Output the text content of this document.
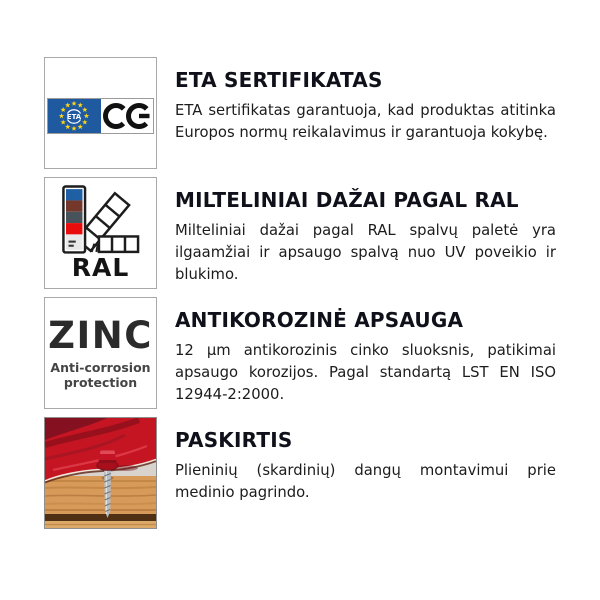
ETA
ETA SERTIFIKATAS

ETA sertifikatas garantuoja, kad produktas atitinka Europos normų reikalavimus ir garantuoja kokybę.

RAL
MILTELINIAI DAŽAI PAGAL RAL

Milteliniai dažai pagal RAL spalvų paletė yra ilgaamžiai ir apsaugo spalvą nuo UV poveikio ir blukimo.

ZINC
Anti-corrosion
protection
ANTIKOROZINĖ APSAUGA

12 µm antikorozinis cinko sluoksnis, patikimai apsaugo korozijos. Pagal standartą LST EN ISO 12944-2:2000.

PASKIRTIS

Plieninių (skardinių) dangų montavimui prie medinio pagrindo.
